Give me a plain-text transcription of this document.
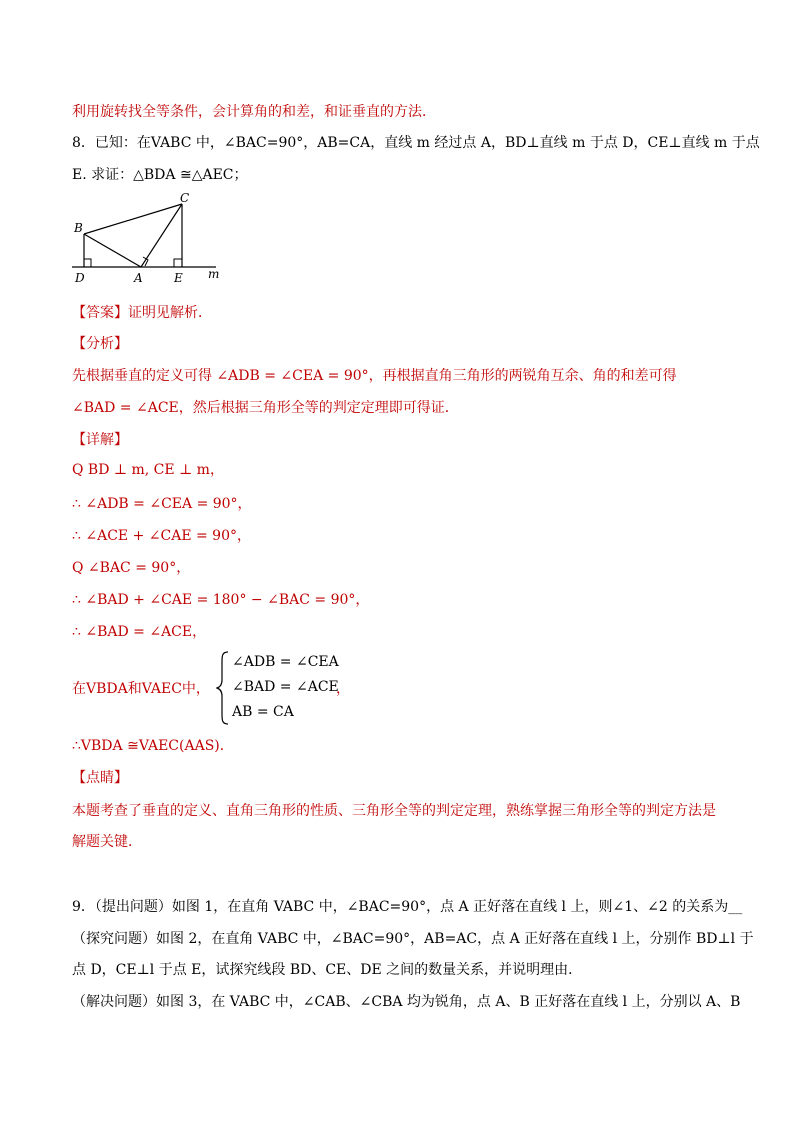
利用旋转找全等条件，会计算角的和差，和证垂直的方法．
8．已知：在VABC 中，∠BAC=90°，AB=CA，直线 m 经过点 A，BD⊥直线 m 于点 D，CE⊥直线 m 于点
E. 求证：△BDA ≅△AEC；
B
C
D	A	E m
【答案】证明见解析．
【分析】
先根据垂直的定义可得 ∠ADB = ∠CEA = 90°，再根据直角三角形的两锐角互余、角的和差可得
∠BAD = ∠ACE，然后根据三角形全等的判定定理即可得证．
【详解】
Q BD ⊥ m, CE ⊥ m，
∴ ∠ADB = ∠CEA = 90°，
∴ ∠ACE + ∠CAE = 90°，
Q ∠BAC = 90°，
∴ ∠BAD + ∠CAE = 180° − ∠BAC = 90°，
∴ ∠BAD = ∠ACE，
在VBDA和VAEC中，
∠ADB = ∠CEA
∠BAD = ∠ACE
AB = CA
，
∴VBDA ≅VAEC(AAS)．
【点睛】
本题考查了垂直的定义、直角三角形的性质、三角形全等的判定定理，熟练掌握三角形全等的判定方法是
解题关键．
9．（提出问题）如图 1，在直角 VABC 中，∠BAC=90°，点 A 正好落在直线 l 上，则∠1、∠2 的关系为__
（探究问题）如图 2，在直角 VABC 中，∠BAC=90°，AB=AC，点 A 正好落在直线 l 上，分别作 BD⊥l 于
点 D，CE⊥l 于点 E，试探究线段 BD、CE、DE 之间的数量关系，并说明理由．
（解决问题）如图 3，在 VABC 中，∠CAB、∠CBA 均为锐角，点 A、B 正好落在直线 l 上，分别以 A、B
